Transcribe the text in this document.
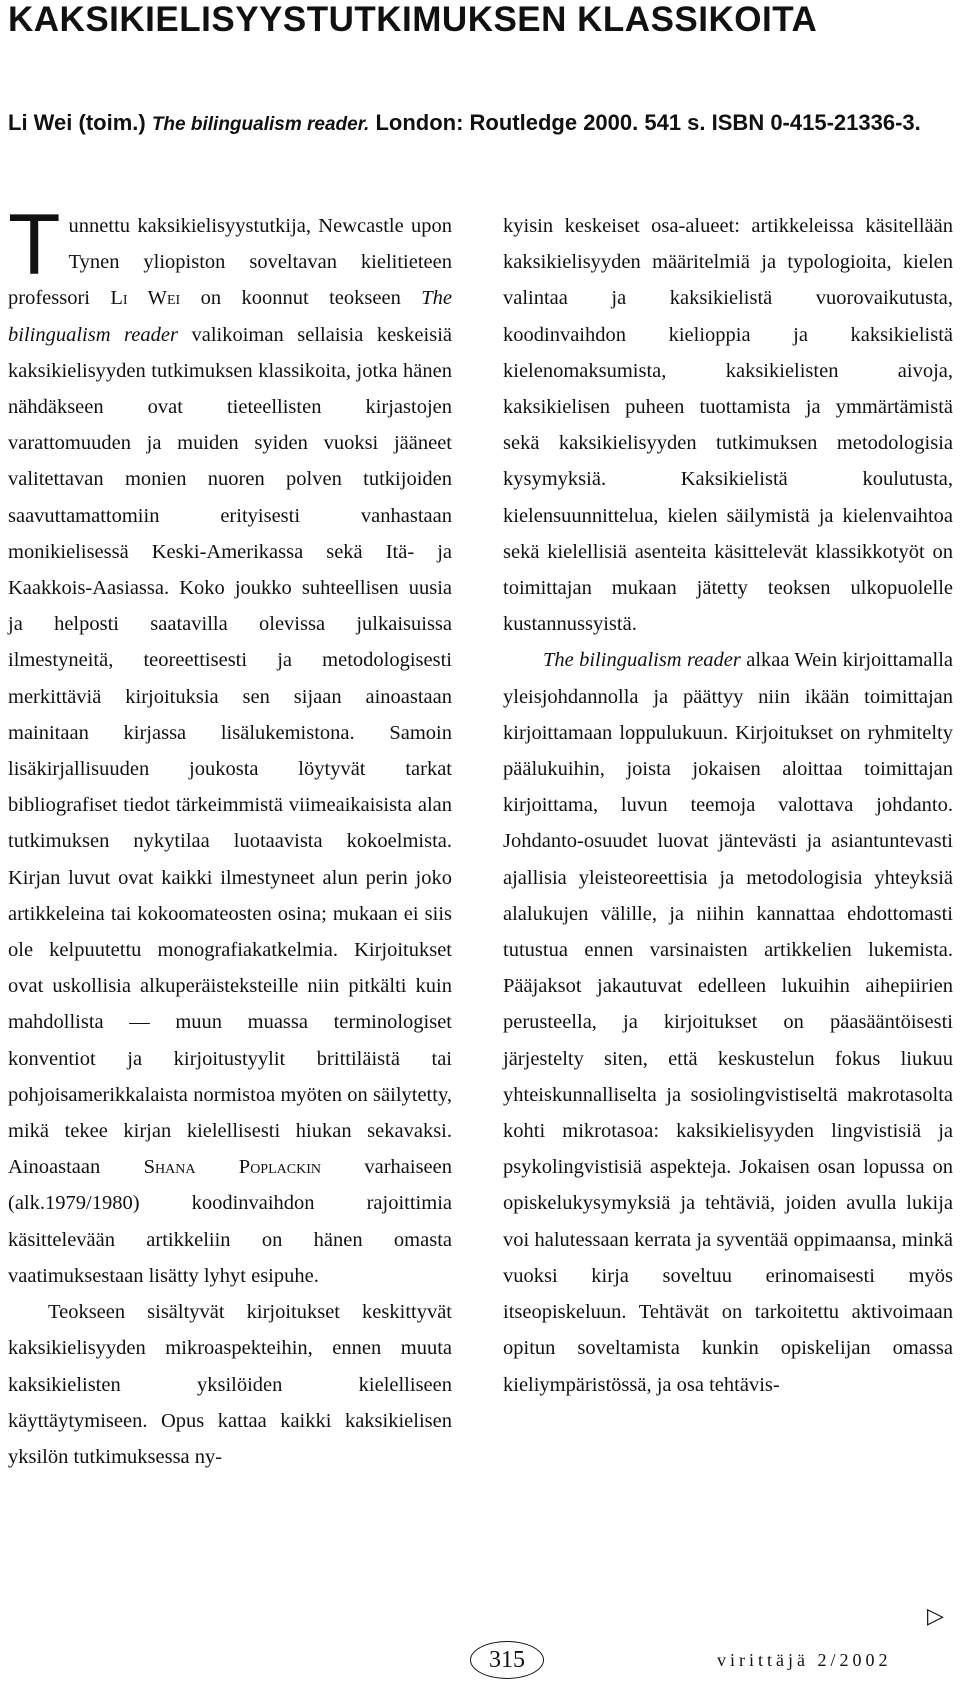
KAKSIKIELISYYSTUTKIMUKSEN KLASSIKOITA

Li Wei (toim.) The bilingualism reader. London: Routledge 2000. 541 s. ISBN 0-415-21336-3.

Tunnettu kaksikielisyystutkija, Newcastle upon Tynen yliopiston soveltavan kielitieteen professori Li Wei on koonnut teokseen The bilingualism reader valikoiman sellaisia keskeisiä kaksikielisyyden tutkimuksen klassikoita, jotka hänen nähdäkseen ovat tieteellisten kirjastojen varattomuuden ja muiden syiden vuoksi jääneet valitettavan monien nuoren polven tutkijoiden saavuttamattomiin erityisesti vanhastaan monikielisessä Keski-Amerikassa sekä Itä- ja Kaakkois-Aasiassa. Koko joukko suhteellisen uusia ja helposti saatavilla olevissa julkaisuissa ilmestyneitä, teoreettisesti ja metodologisesti merkittäviä kirjoituksia sen sijaan ainoastaan mainitaan kirjassa lisälukemistona. Samoin lisäkirjallisuuden joukosta löytyvät tarkat bibliografiset tiedot tärkeimmistä viimeaikaisista alan tutkimuksen nykytilaa luotaavista kokoelmista. Kirjan luvut ovat kaikki ilmestyneet alun perin joko artikkeleina tai kokoomateosten osina; mukaan ei siis ole kelpuutettu monografiakatkelmia. Kirjoitukset ovat uskollisia alkuperäisteksteille niin pitkälti kuin mahdollista — muun muassa terminologiset konventiot ja kirjoitustyylit brittiläistä tai pohjoisamerikkalaista normistoa myöten on säilytetty, mikä tekee kirjan kielellisesti hiukan sekavaksi. Ainoastaan Shana Poplackin varhaiseen (alk.1979/1980) koodinvaihdon rajoittimia käsittelevään artikkeliin on hänen omasta vaatimuksestaan lisätty lyhyt esipuhe.

Teokseen sisältyvät kirjoitukset keskittyvät kaksikielisyyden mikroaspekteihin, ennen muuta kaksikielisten yksilöiden kielelliseen käyttäytymiseen. Opus kattaa kaikki kaksikielisen yksilön tutkimuksessa ny-

kyisin keskeiset osa-alueet: artikkeleissa käsitellään kaksikielisyyden määritelmiä ja typologioita, kielen valintaa ja kaksikielistä vuorovaikutusta, koodinvaihdon kielioppia ja kaksikielistä kielenomaksumista, kaksikielisten aivoja, kaksikielisen puheen tuottamista ja ymmärtämistä sekä kaksikielisyyden tutkimuksen metodologisia kysymyksiä. Kaksikielistä koulutusta, kielensuunnittelua, kielen säilymistä ja kielenvaihtoa sekä kielellisiä asenteita käsittelevät klassikkotyöt on toimittajan mukaan jätetty teoksen ulkopuolelle kustannussyistä.

The bilingualism reader alkaa Wein kirjoittamalla yleisjohdannolla ja päättyy niin ikään toimittajan kirjoittamaan loppulukuun. Kirjoitukset on ryhmitelty päälukuihin, joista jokaisen aloittaa toimittajan kirjoittama, luvun teemoja valottava johdanto. Johdanto-osuudet luovat jäntevästi ja asiantuntevasti ajallisia yleisteoreettisia ja metodologisia yhteyksiä alalukujen välille, ja niihin kannattaa ehdottomasti tutustua ennen varsinaisten artikkelien lukemista. Pääjaksot jakautuvat edelleen lukuihin aihepiirien perusteella, ja kirjoitukset on päasääntöisesti järjestelty siten, että keskustelun fokus liukuu yhteiskunnalliselta ja sosiolingvistiseltä makrotasolta kohti mikrotasoa: kaksikielisyyden lingvistisiä ja psykolingvistisiä aspekteja. Jokaisen osan lopussa on opiskelukysymyksiä ja tehtäviä, joiden avulla lukija voi halutessaan kerrata ja syventää oppimaansa, minkä vuoksi kirja soveltuu erinomaisesti myös itseopiskeluun. Tehtävät on tarkoitettu aktivoimaan opitun soveltamista kunkin opiskelijan omassa kieliympäristössä, ja osa tehtävis-

▷
315	virittäjä 2/2002
